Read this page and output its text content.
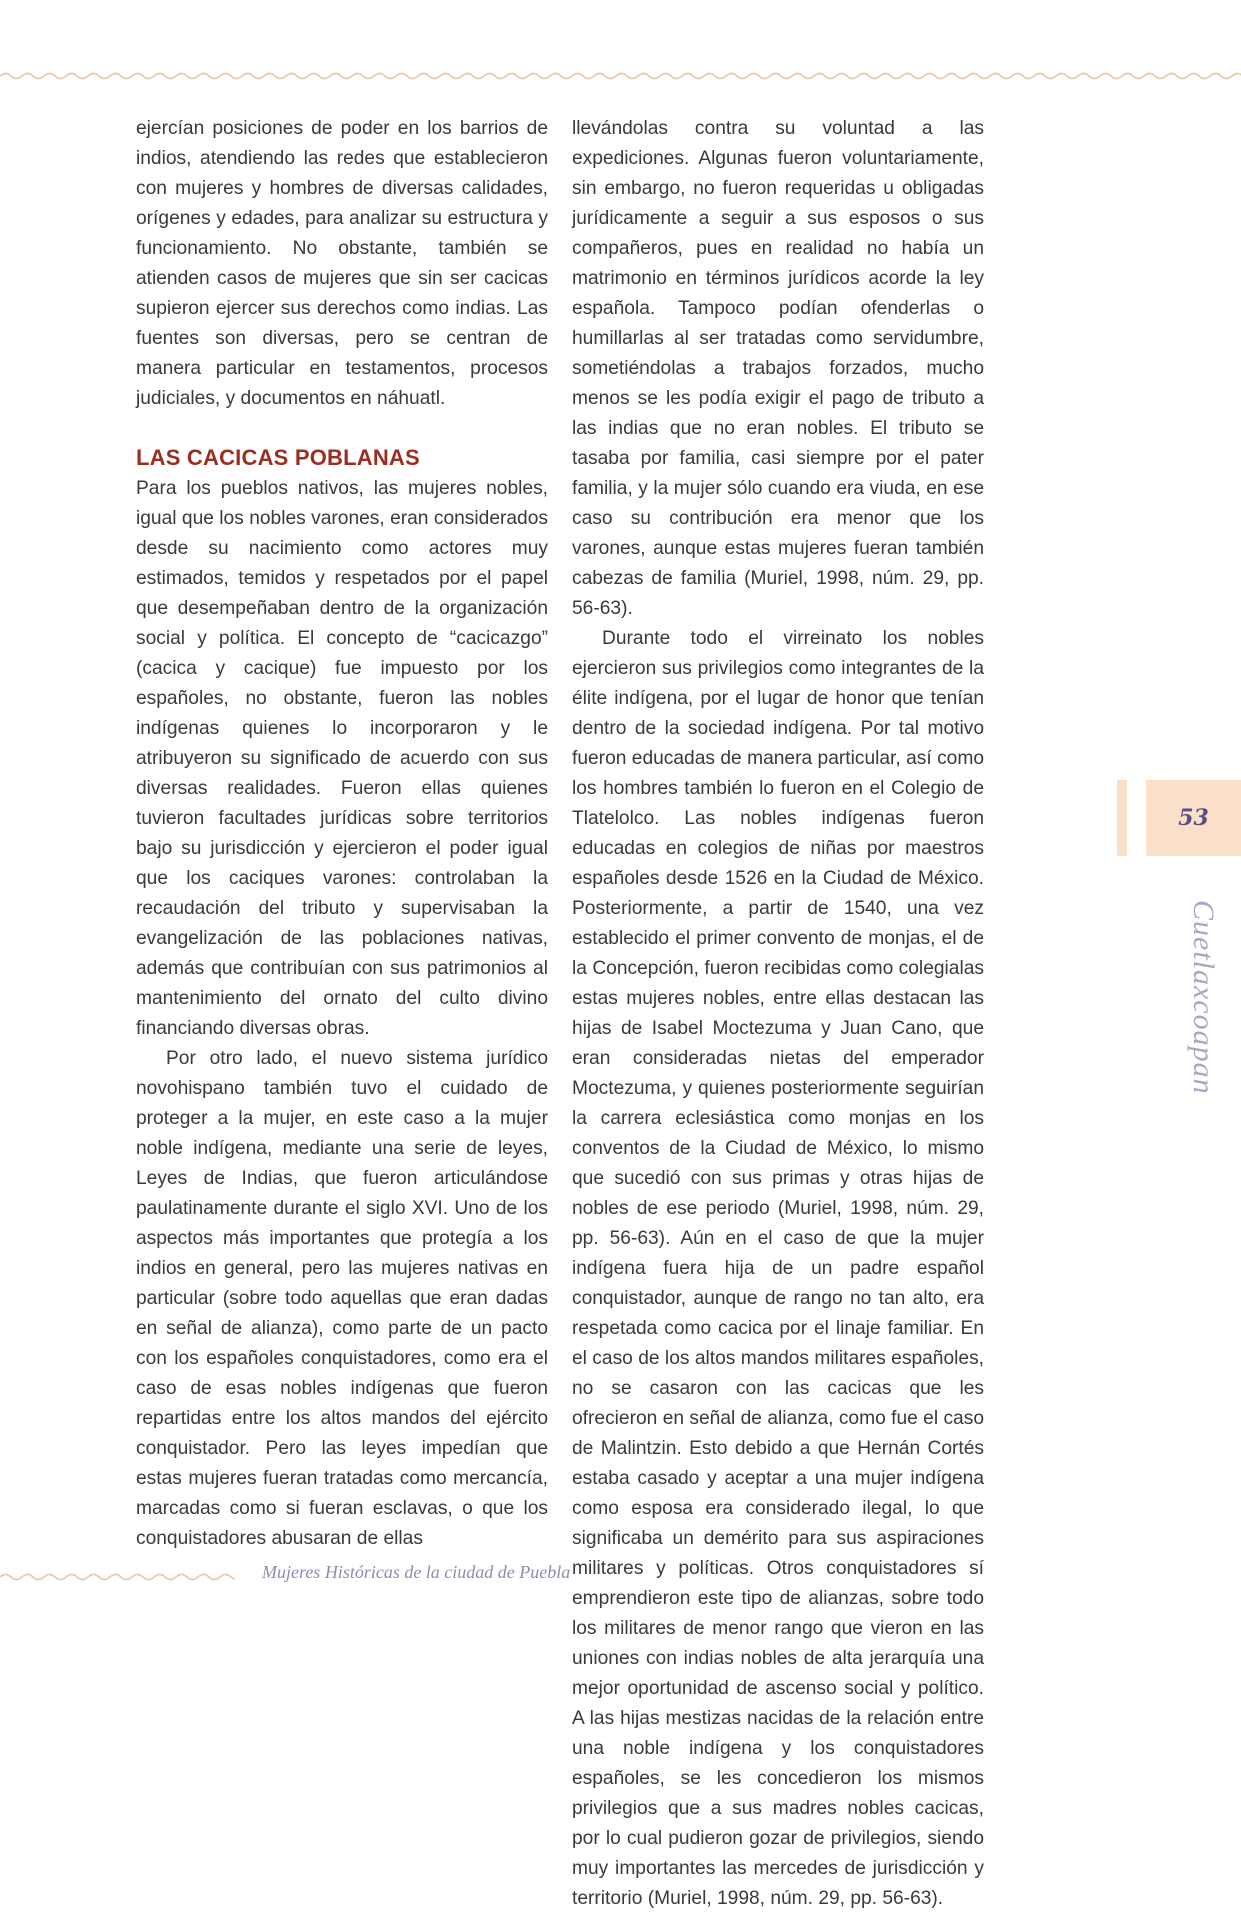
ejercían posiciones de poder en los barrios de indios, atendiendo las redes que establecieron con mujeres y hombres de diversas calidades, orígenes y edades, para analizar su estructura y funcionamiento. No obstante, también se atienden casos de mujeres que sin ser cacicas supieron ejercer sus derechos como indias. Las fuentes son diversas, pero se centran de manera particular en testamentos, procesos judiciales, y documentos en náhuatl.

LAS CACICAS POBLANAS

Para los pueblos nativos, las mujeres nobles, igual que los nobles varones, eran considerados desde su nacimiento como actores muy estimados, temidos y respetados por el papel que desempeñaban dentro de la organización social y política. El concepto de “cacicazgo” (cacica y cacique) fue impuesto por los españoles, no obstante, fueron las nobles indígenas quienes lo incorporaron y le atribuyeron su significado de acuerdo con sus diversas realidades. Fueron ellas quienes tuvieron facultades jurídicas sobre territorios bajo su jurisdicción y ejercieron el poder igual que los caciques varones: controlaban la recaudación del tributo y supervisaban la evangelización de las poblaciones nativas, además que contribuían con sus patrimonios al mantenimiento del ornato del culto divino financiando diversas obras.

Por otro lado, el nuevo sistema jurídico novohispano también tuvo el cuidado de proteger a la mujer, en este caso a la mujer noble indígena, mediante una serie de leyes, Leyes de Indias, que fueron articulándose paulatinamente durante el siglo XVI. Uno de los aspectos más importantes que protegía a los indios en general, pero las mujeres nativas en particular (sobre todo aquellas que eran dadas en señal de alianza), como parte de un pacto con los españoles conquistadores, como era el caso de esas nobles indígenas que fueron repartidas entre los altos mandos del ejército conquistador. Pero las leyes impedían que estas mujeres fueran tratadas como mercancía, marcadas como si fueran esclavas, o que los conquistadores abusaran de ellas

llevándolas contra su voluntad a las expediciones. Algunas fueron voluntariamente, sin embargo, no fueron requeridas u obligadas jurídicamente a seguir a sus esposos o sus compañeros, pues en realidad no había un matrimonio en términos jurídicos acorde la ley española. Tampoco podían ofenderlas o humillarlas al ser tratadas como servidumbre, sometiéndolas a trabajos forzados, mucho menos se les podía exigir el pago de tributo a las indias que no eran nobles. El tributo se tasaba por familia, casi siempre por el pater familia, y la mujer sólo cuando era viuda, en ese caso su contribución era menor que los varones, aunque estas mujeres fueran también cabezas de familia (Muriel, 1998, núm. 29, pp. 56-63).

Durante todo el virreinato los nobles ejercieron sus privilegios como integrantes de la élite indígena, por el lugar de honor que tenían dentro de la sociedad indígena. Por tal motivo fueron educadas de manera particular, así como los hombres también lo fueron en el Colegio de Tlatelolco. Las nobles indígenas fueron educadas en colegios de niñas por maestros españoles desde 1526 en la Ciudad de México. Posteriormente, a partir de 1540, una vez establecido el primer convento de monjas, el de la Concepción, fueron recibidas como colegialas estas mujeres nobles, entre ellas destacan las hijas de Isabel Moctezuma y Juan Cano, que eran consideradas nietas del emperador Moctezuma, y quienes posteriormente seguirían la carrera eclesiástica como monjas en los conventos de la Ciudad de México, lo mismo que sucedió con sus primas y otras hijas de nobles de ese periodo (Muriel, 1998, núm. 29, pp. 56-63). Aún en el caso de que la mujer indígena fuera hija de un padre español conquistador, aunque de rango no tan alto, era respetada como cacica por el linaje familiar. En el caso de los altos mandos militares españoles, no se casaron con las cacicas que les ofrecieron en señal de alianza, como fue el caso de Malintzin. Esto debido a que Hernán Cortés estaba casado y aceptar a una mujer indígena como esposa era considerado ilegal, lo que significaba un demérito para sus aspiraciones militares y políticas. Otros conquistadores sí emprendieron este tipo de alianzas, sobre todo los militares de menor rango que vieron en las uniones con indias nobles de alta jerarquía una mejor oportunidad de ascenso social y político. A las hijas mestizas nacidas de la relación entre una noble indígena y los conquistadores españoles, se les concedieron los mismos privilegios que a sus madres nobles cacicas, por lo cual pudieron gozar de privilegios, siendo muy importantes las mercedes de jurisdicción y territorio (Muriel, 1998, núm. 29, pp. 56-63).

53
Cuetlaxcoapan
Mujeres Históricas de la ciudad de Puebla
